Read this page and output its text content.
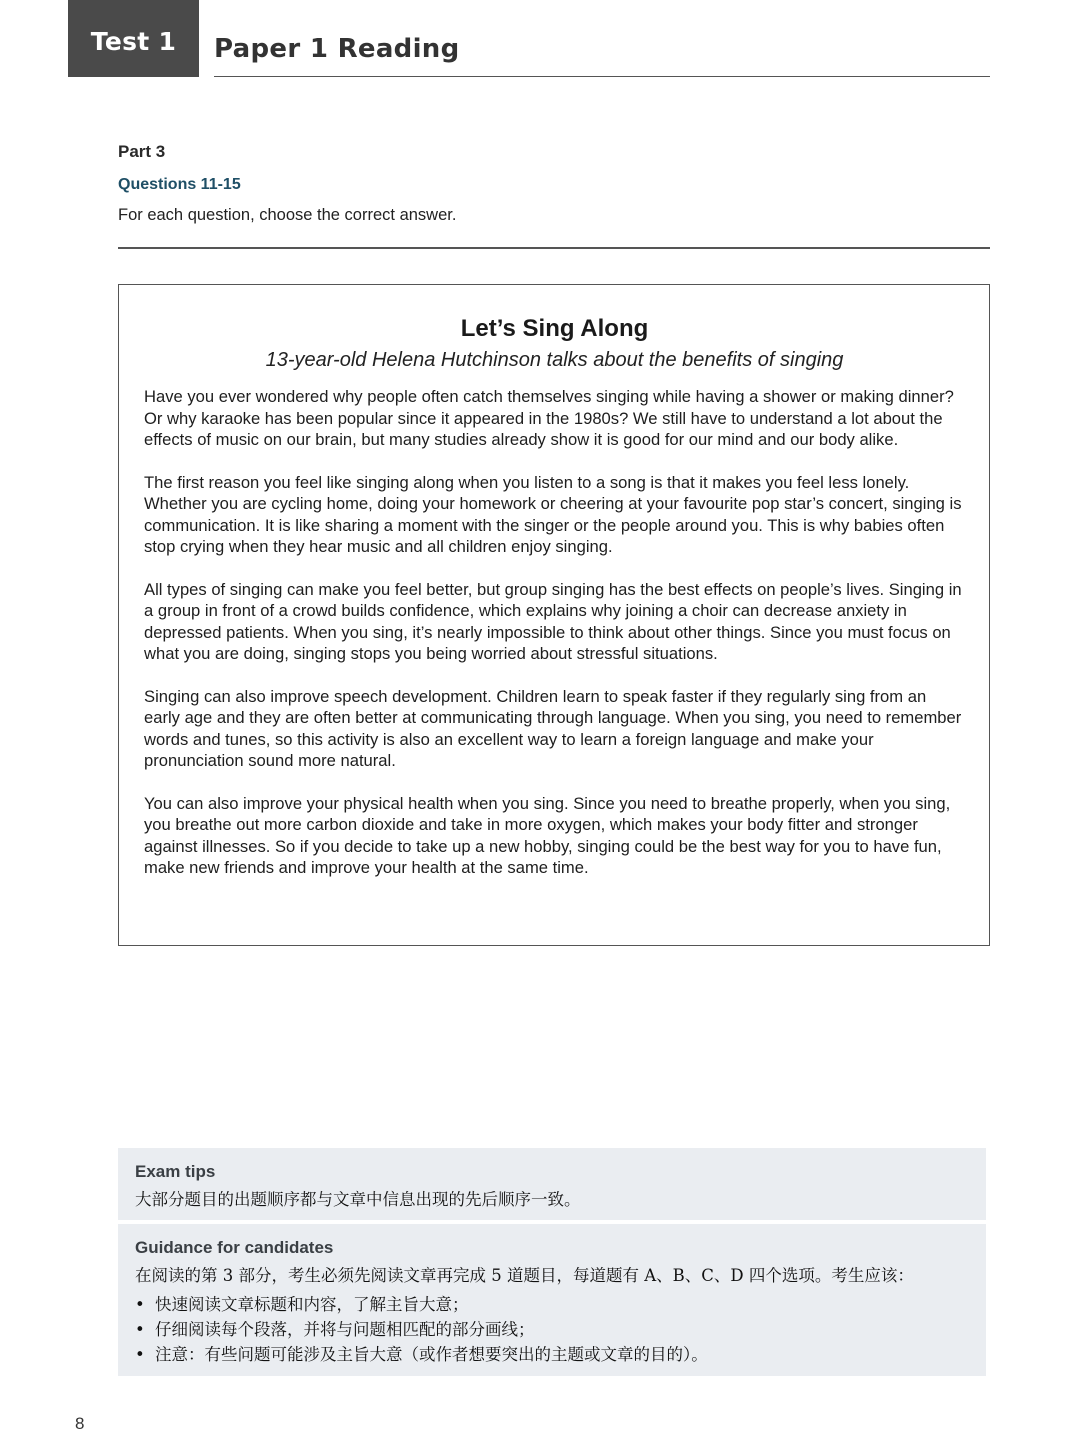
Test 1	Paper 1 Reading
Part 3
Questions 11-15
For each question, choose the correct answer.
Let’s Sing Along
13-year-old Helena Hutchinson talks about the benefits of singing

Have you ever wondered why people often catch themselves singing while having a shower or making dinner? Or why karaoke has been popular since it appeared in the 1980s? We still have to understand a lot about the effects of music on our brain, but many studies already show it is good for our mind and our body alike.

The first reason you feel like singing along when you listen to a song is that it makes you feel less lonely. Whether you are cycling home, doing your homework or cheering at your favourite pop star’s concert, singing is communication. It is like sharing a moment with the singer or the people around you. This is why babies often stop crying when they hear music and all children enjoy singing.

All types of singing can make you feel better, but group singing has the best effects on people’s lives. Singing in a group in front of a crowd builds confidence, which explains why joining a choir can decrease anxiety in depressed patients. When you sing, it’s nearly impossible to think about other things. Since you must focus on what you are doing, singing stops you being worried about stressful situations.

Singing can also improve speech development. Children learn to speak faster if they regularly sing from an early age and they are often better at communicating through language. When you sing, you need to remember words and tunes, so this activity is also an excellent way to learn a foreign language and make your pronunciation sound more natural.

You can also improve your physical health when you sing. Since you need to breathe properly, when you sing, you breathe out more carbon dioxide and take in more oxygen, which makes your body fitter and stronger against illnesses. So if you decide to take up a new hobby, singing could be the best way for you to have fun, make new friends and improve your health at the same time.

Exam tips
大部分题目的出题顺序都与文章中信息出现的先后顺序一致。
Guidance for candidates
在阅读的第 3 部分，考生必须先阅读文章再完成 5 道题目，每道题有 A、B、C、D 四个选项。考生应该：
• 快速阅读文章标题和内容，了解主旨大意；
• 仔细阅读每个段落，并将与问题相匹配的部分画线；
• 注意：有些问题可能涉及主旨大意（或作者想要突出的主题或文章的目的）。
8
